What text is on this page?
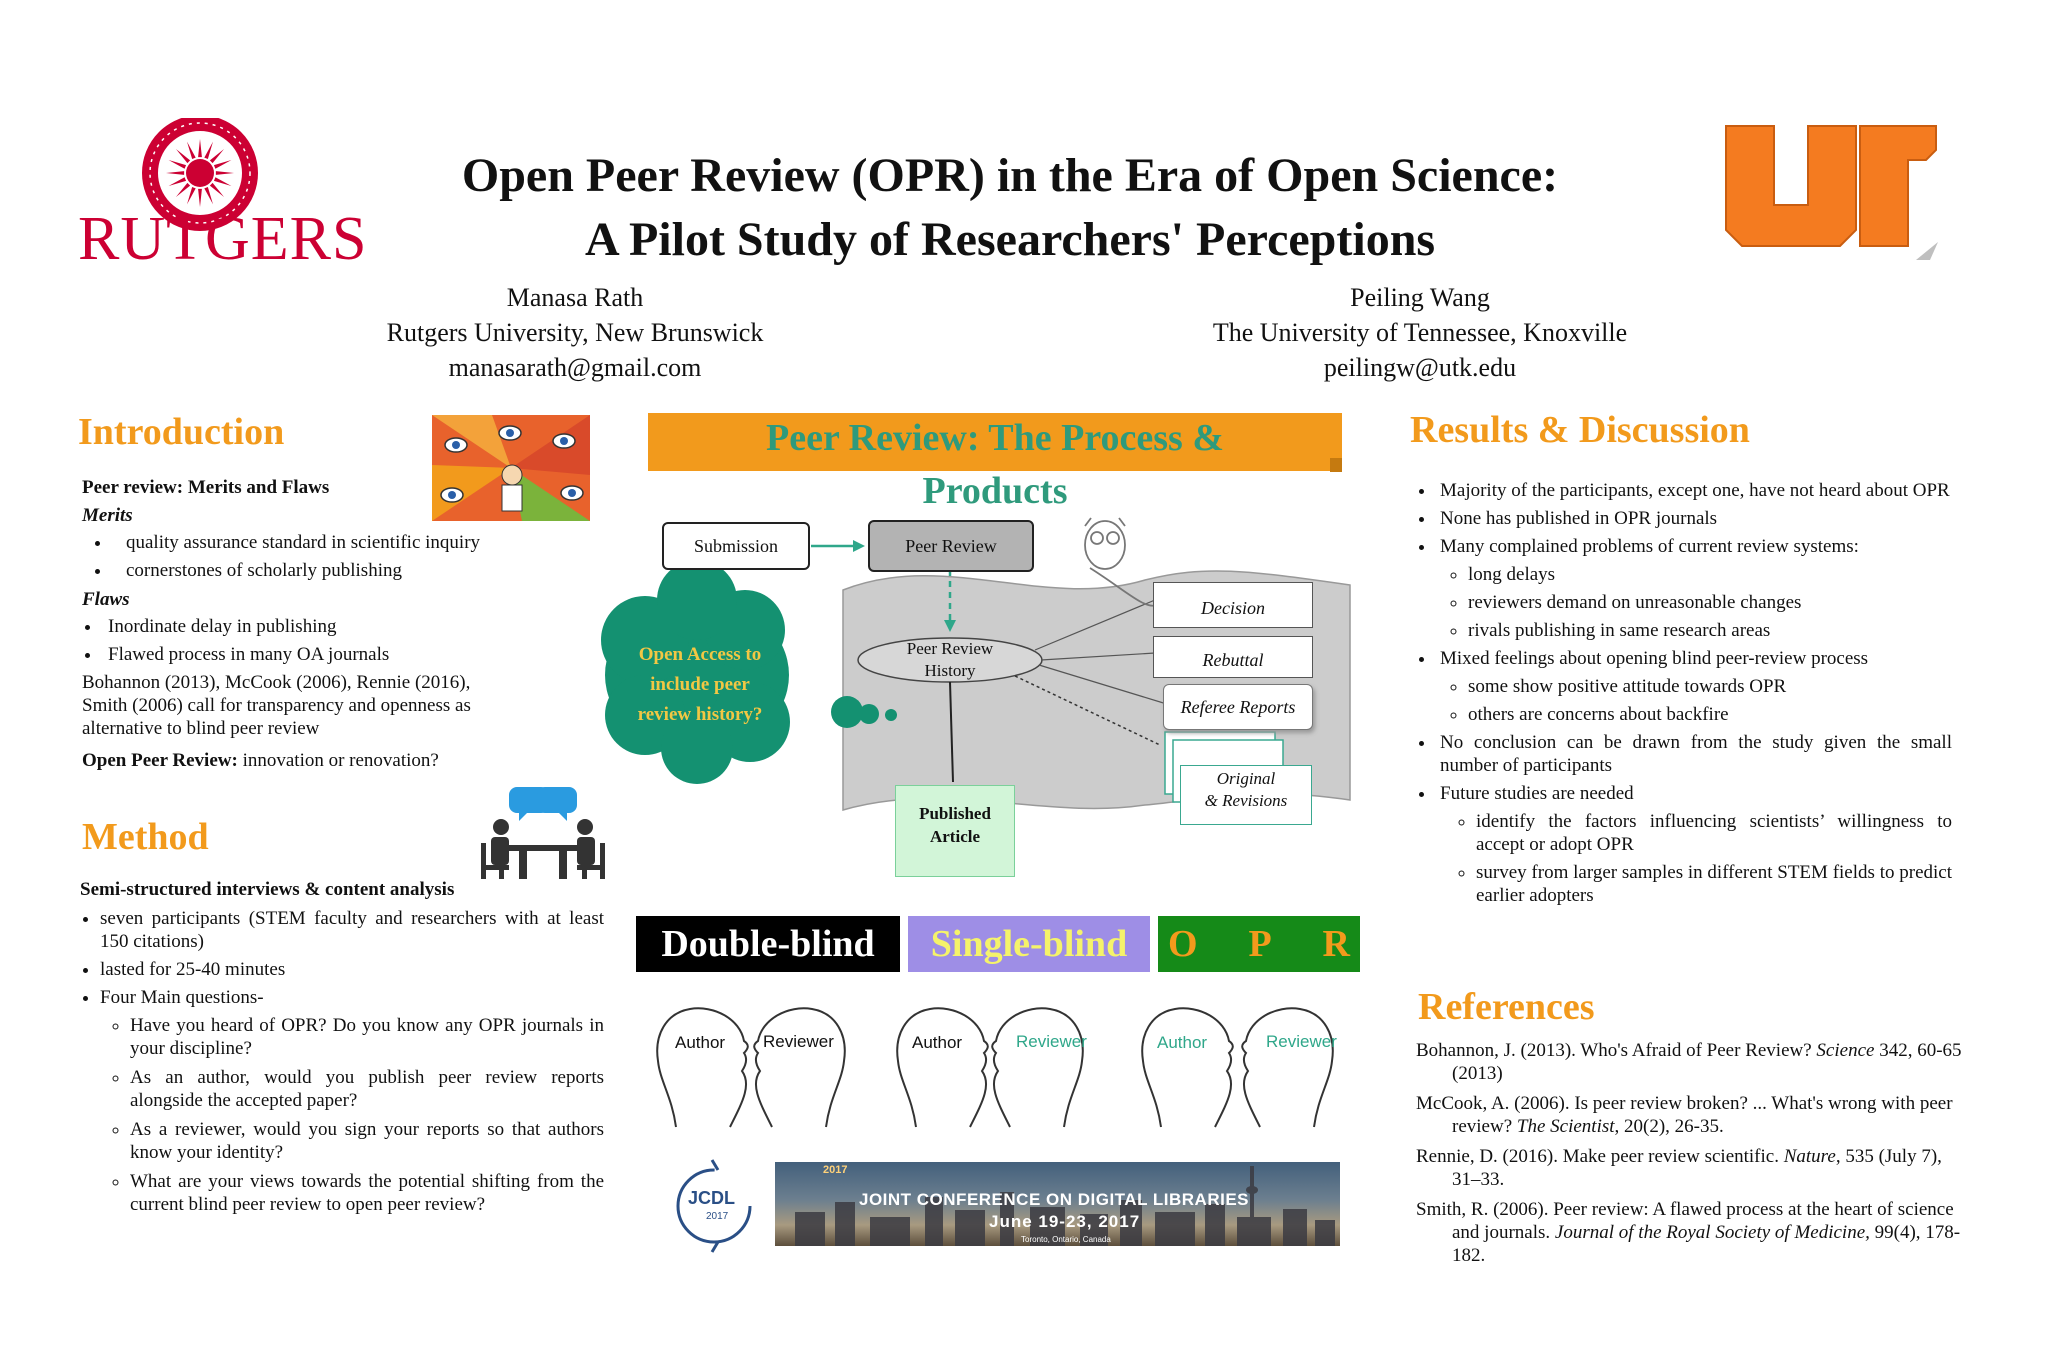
RUTGERS
Open Peer Review (OPR) in the Era of Open Science:
A Pilot Study of Researchers' Perceptions
Manasa Rath
Rutgers University, New Brunswick
manasarath@gmail.com
Peiling Wang
The University of Tennessee, Knoxville
peilingw@utk.edu
Introduction
Peer review: Merits and Flaws
Merits
• quality assurance standard in scientific inquiry
• cornerstones of scholarly publishing
Flaws
• Inordinate delay in publishing
• Flawed process in many OA journals
Bohannon (2013), McCook (2006), Rennie (2016), Smith (2006) call for transparency and openness as alternative to blind peer review
Open Peer Review: innovation or renovation?
Method
Semi-structured interviews & content analysis
• seven participants (STEM faculty and researchers with at least 150 citations)
• lasted for 25-40 minutes
• Four Main questions-
◦ Have you heard of OPR? Do you know any OPR journals in your discipline?
◦ As an author, would you publish peer review reports alongside the accepted paper?
◦ As a reviewer, would you sign your reports so that authors know your identity?
◦ What are your views towards the potential shifting from the current blind peer review to open peer review?
Peer Review: The Process &
Products
Submission	Peer Review
Peer Review
History
Open Access to
include peer
review history?
Decision
Rebuttal
Referee Reports
Original
& Revisions
Published
Article
Double-blind	Single-blind	O P R
Author Reviewer	Author	Reviewer	Author	Reviewer
JCDL
2017
2017
JOINT CONFERENCE ON DIGITAL LIBRARIES
June 19-23, 2017
Toronto, Ontario, Canada
Results & Discussion
• Majority of the participants, except one, have not heard about OPR
• None has published in OPR journals
• Many complained problems of current review systems:
◦ long delays
◦ reviewers demand on unreasonable changes
◦ rivals publishing in same research areas
• Mixed feelings about opening blind peer-review process
◦ some show positive attitude towards OPR
◦ others are concerns about backfire
• No conclusion can be drawn from the study given the small number of participants
• Future studies are needed
◦ identify the factors influencing scientists’ willingness to accept or adopt OPR
◦ survey from larger samples in different STEM fields to predict earlier adopters
References
Bohannon, J. (2013). Who's Afraid of Peer Review? Science 342, 60-65 (2013)
McCook, A. (2006). Is peer review broken? ... What's wrong with peer review? The Scientist, 20(2), 26-35.
Rennie, D. (2016). Make peer review scientific. Nature, 535 (July 7), 31–33.
Smith, R. (2006). Peer review: A flawed process at the heart of science and journals. Journal of the Royal Society of Medicine, 99(4), 178-182.
